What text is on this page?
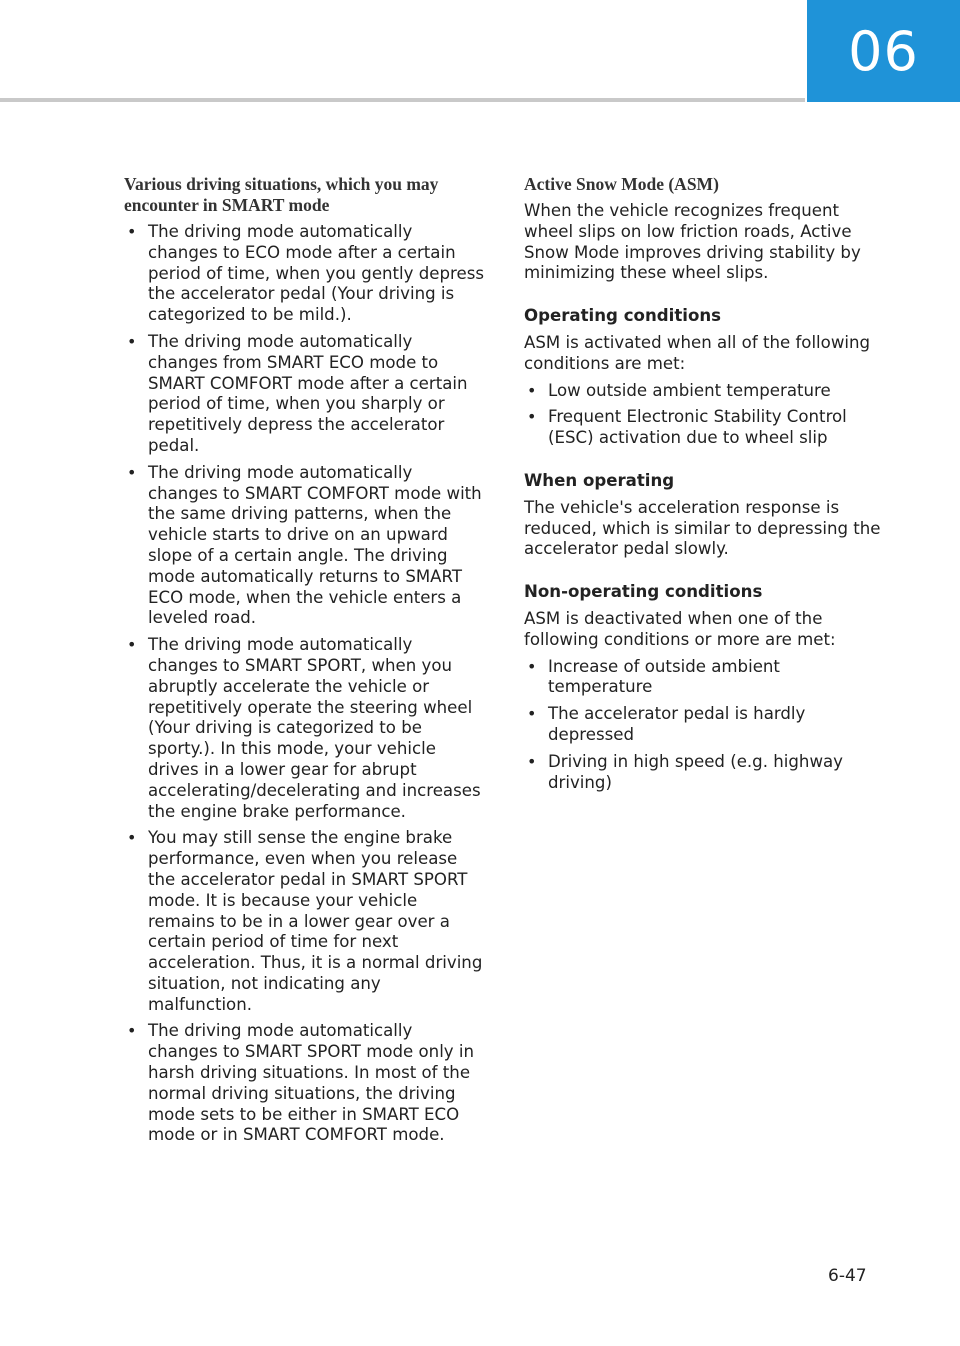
06
Various driving situations, which you may encounter in SMART mode
• The driving mode automatically changes to ECO mode after a certain period of time, when you gently depress the accelerator pedal (Your driving is categorized to be mild.).
• The driving mode automatically changes from SMART ECO mode to SMART COMFORT mode after a certain period of time, when you sharply or repetitively depress the accelerator pedal.
• The driving mode automatically changes to SMART COMFORT mode with the same driving patterns, when the vehicle starts to drive on an upward slope of a certain angle. The driving mode automatically returns to SMART ECO mode, when the vehicle enters a leveled road.
• The driving mode automatically changes to SMART SPORT, when you abruptly accelerate the vehicle or repetitively operate the steering wheel (Your driving is categorized to be sporty.). In this mode, your vehicle drives in a lower gear for abrupt accelerating/decelerating and increases the engine brake performance.
• You may still sense the engine brake performance, even when you release the accelerator pedal in SMART SPORT mode. It is because your vehicle remains to be in a lower gear over a certain period of time for next acceleration. Thus, it is a normal driving situation, not indicating any malfunction.
• The driving mode automatically changes to SMART SPORT mode only in harsh driving situations. In most of the normal driving situations, the driving mode sets to be either in SMART ECO mode or in SMART COMFORT mode.
Active Snow Mode (ASM)

When the vehicle recognizes frequent wheel slips on low friction roads, Active Snow Mode improves driving stability by minimizing these wheel slips.

Operating conditions

ASM is activated when all of the following conditions are met:

• Low outside ambient temperature
• Frequent Electronic Stability Control (ESC) activation due to wheel slip
When operating

The vehicle's acceleration response is reduced, which is similar to depressing the accelerator pedal slowly.

Non-operating conditions

ASM is deactivated when one of the following conditions or more are met:

• Increase of outside ambient temperature
• The accelerator pedal is hardly depressed
• Driving in high speed (e.g. highway driving)
6-47
